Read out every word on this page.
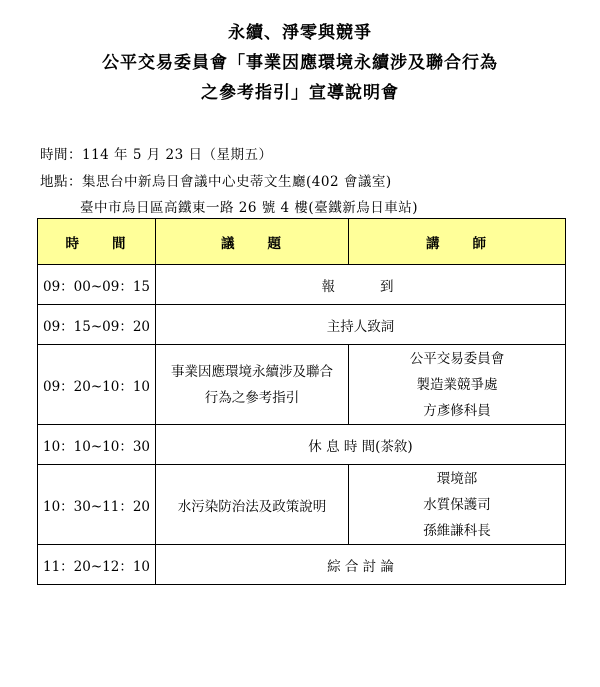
永續、淨零與競爭
公平交易委員會「事業因應環境永續涉及聯合行為
之參考指引」宣導說明會
時間：114 年 5 月 23 日（星期五）
地點：集思台中新烏日會議中心史蒂文生廳(402 會議室)
臺中市烏日區高鐵東一路 26 號 4 樓(臺鐵新烏日車站)
時　　間	議　　題	講　　師
09：00~09：15	報　　到	
09：15~09：20	主持人致詞	
09：20~10：10	事業因應環境永續涉及聯合
行為之參考指引	公平交易委員會
製造業競爭處
方彥修科員

10：10~10：30	休 息 時 間(茶敘)	
10：30~11：20	水污染防治法及政策說明	環境部
水質保護司
孫維謙科長

11：20~12：10	綜 合 討 論	
